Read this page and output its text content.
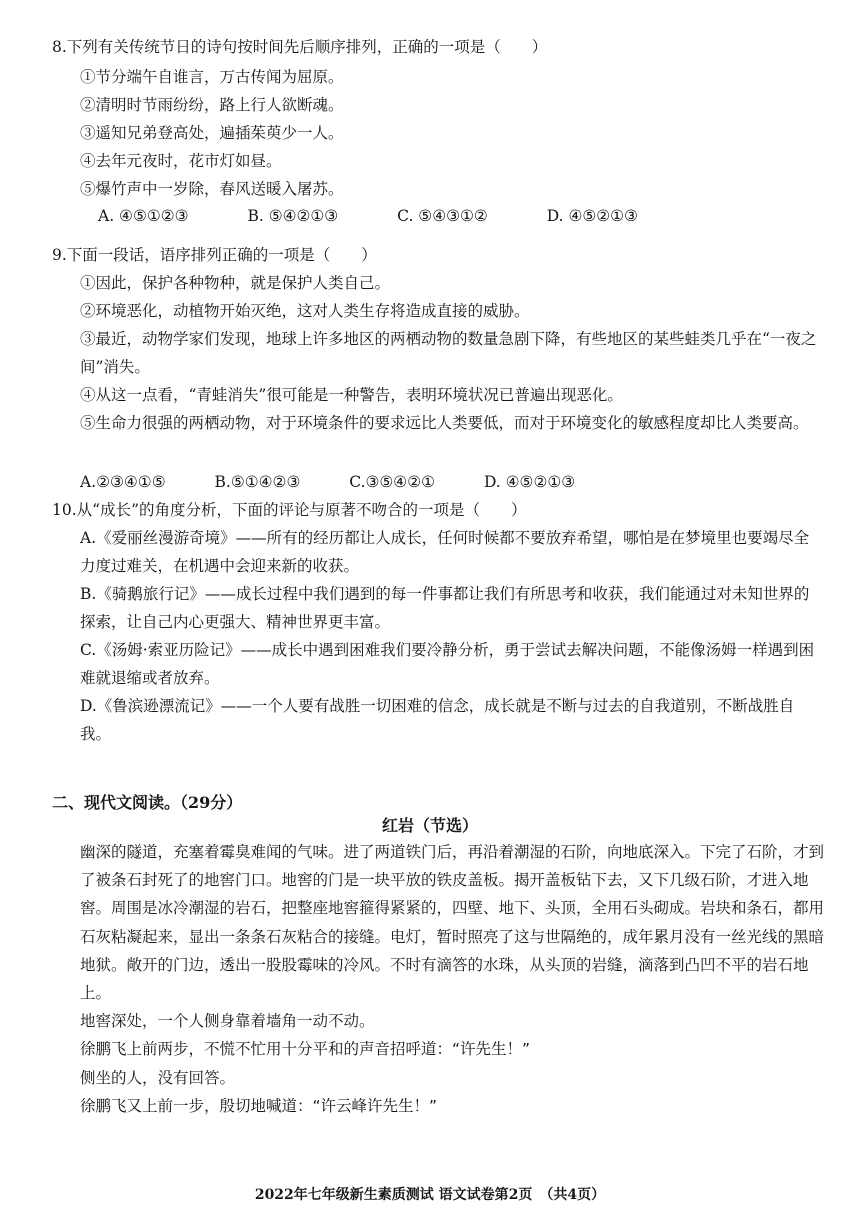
8.下列有关传统节日的诗句按时间先后顺序排列，正确的一项是（　　）
①节分端午自谁言，万古传闻为屈原。
②清明时节雨纷纷，路上行人欲断魂。
③遥知兄弟登高处，遍插茱萸少一人。
④去年元夜时，花市灯如昼。
⑤爆竹声中一岁除，春风送暖入屠苏。
A. ④⑤①②③	B. ⑤④②①③	C. ⑤④③①②	D. ④⑤②①③
9.下面一段话，语序排列正确的一项是（　　）
①因此，保护各种物种，就是保护人类自己。
②环境恶化，动植物开始灭绝，这对人类生存将造成直接的威胁。
③最近，动物学家们发现，地球上许多地区的两栖动物的数量急剧下降，有些地区的某些蛙类几乎在“一夜之间”消失。
④从这一点看，“青蛙消失”很可能是一种警告，表明环境状况已普遍出现恶化。
⑤生命力很强的两栖动物，对于环境条件的要求远比人类要低，而对于环境变化的敏感程度却比人类要高。
A.②③④①⑤	B.⑤①④②③	C.③⑤④②①	D. ④⑤②①③
10.从“成长”的角度分析，下面的评论与原著不吻合的一项是（　　）
A.《爱丽丝漫游奇境》——所有的经历都让人成长，任何时候都不要放弃希望，哪怕是在梦境里也要竭尽全力度过难关，在机遇中会迎来新的收获。
B.《骑鹅旅行记》——成长过程中我们遇到的每一件事都让我们有所思考和收获，我们能通过对未知世界的探索，让自己内心更强大、精神世界更丰富。
C.《汤姆·索亚历险记》——成长中遇到困难我们要冷静分析，勇于尝试去解决问题，不能像汤姆一样遇到困难就退缩或者放弃。
D.《鲁滨逊漂流记》——一个人要有战胜一切困难的信念，成长就是不断与过去的自我道别，不断战胜自我。
二、现代文阅读。（29分）
红岩（节选）
幽深的隧道，充塞着霉臭难闻的气味。进了两道铁门后，再沿着潮湿的石阶，向地底深入。下完了石阶，才到了被条石封死了的地窖门口。地窖的门是一块平放的铁皮盖板。揭开盖板钻下去，又下几级石阶，才进入地窖。周围是冰冷潮湿的岩石，把整座地窖箍得紧紧的，四壁、地下、头顶，全用石头砌成。岩块和条石，都用石灰粘凝起来，显出一条条石灰粘合的接缝。电灯，暂时照亮了这与世隔绝的，成年累月没有一丝光线的黑暗地狱。敞开的门边，透出一股股霉味的冷风。不时有滴答的水珠，从头顶的岩缝，滴落到凸凹不平的岩石地上。
地窖深处，一个人侧身靠着墙角一动不动。
徐鹏飞上前两步，不慌不忙用十分平和的声音招呼道：“许先生！”
侧坐的人，没有回答。
徐鹏飞又上前一步，殷切地喊道：“许云峰许先生！”
2022年七年级新生素质测试 语文试卷第2页　（共4页）
